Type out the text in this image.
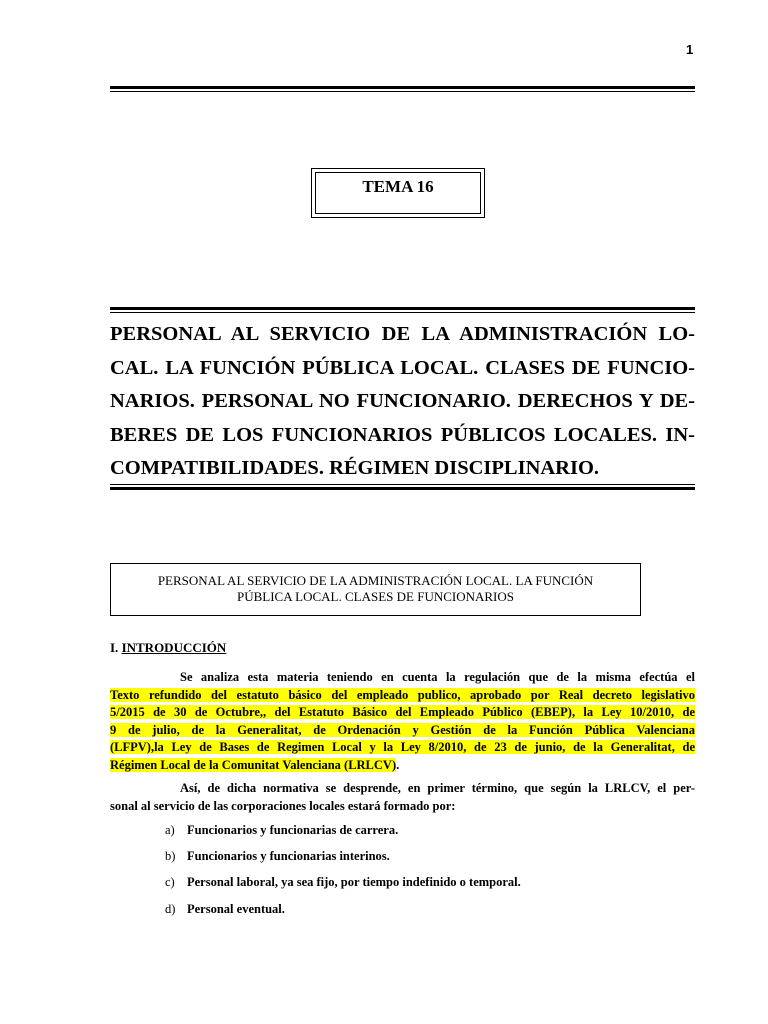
1
TEMA 16
PERSONAL AL SERVICIO DE LA ADMINISTRACIÓN LO-
CAL. LA FUNCIÓN PÚBLICA LOCAL. CLASES DE FUNCIO-
NARIOS. PERSONAL NO FUNCIONARIO. DERECHOS Y DE-
BERES DE LOS FUNCIONARIOS PÚBLICOS LOCALES. IN-
COMPATIBILIDADES. RÉGIMEN DISCIPLINARIO.
PERSONAL AL SERVICIO DE LA ADMINISTRACIÓN LOCAL. LA FUNCIÓN
PÚBLICA LOCAL. CLASES DE FUNCIONARIOS
I. INTRODUCCIÓN
Se analiza esta materia teniendo en cuenta la regulación que de la misma efectúa el
Texto refundido del estatuto básico del empleado publico, aprobado por Real decreto legislativo
5/2015 de 30 de Octubre,, del Estatuto Básico del Empleado Público (EBEP), la Ley 10/2010, de
9 de julio, de la Generalitat, de Ordenación y Gestión de la Función Pública Valenciana
(LFPV),la Ley de Bases de Regimen Local y la Ley 8/2010, de 23 de junio, de la Generalitat, de
Régimen Local de la Comunitat Valenciana (LRLCV).
Así, de dicha normativa se desprende, en primer término, que según la LRLCV, el per-
sonal al servicio de las corporaciones locales estará formado por:
a) Funcionarios y funcionarias de carrera.
b) Funcionarios y funcionarias interinos.
c) Personal laboral, ya sea fijo, por tiempo indefinido o temporal.
d) Personal eventual.
